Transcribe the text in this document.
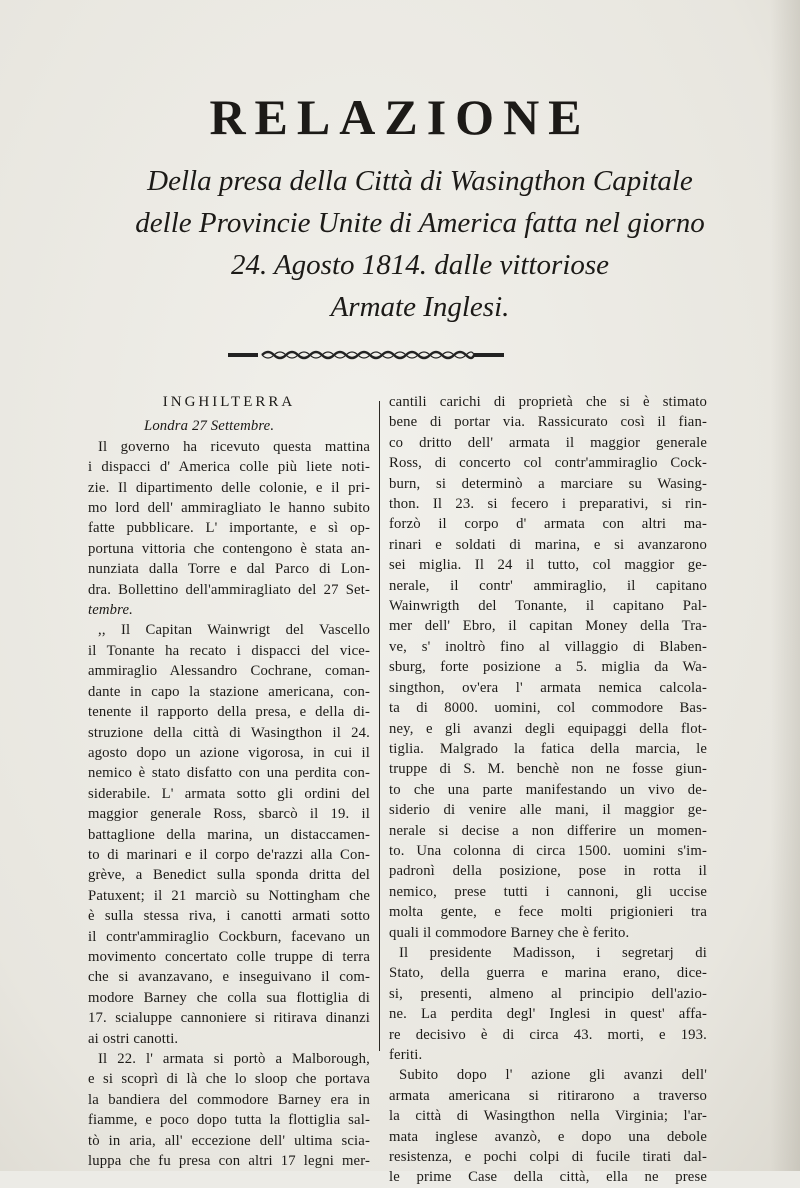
RELAZIONE
Della presa della Città di Wasingthon Capitale
delle Provincie Unite di America fatta nel giorno
24. Agosto 1814. dalle vittoriose
Armate Inglesi.
INGHILTERRA
Londra 27 Settembre.
Il governo ha ricevuto questa mattina
i dispacci d' America colle più liete noti-
zie. Il dipartimento delle colonie, e il pri-
mo lord dell' ammiragliato le hanno subito
fatte pubblicare. L' importante, e sì op-
portuna vittoria che contengono è stata an-
nunziata dalla Torre e dal Parco di Lon-
dra. Bollettino dell'ammiragliato del 27 Set-
tembre.
,, Il Capitan Wainwrigt del Vascello
il Tonante ha recato i dispacci del vice-
ammiraglio Alessandro Cochrane, coman-
dante in capo la stazione americana, con-
tenente il rapporto della presa, e della di-
struzione della città di Wasingthon il 24.
agosto dopo un azione vigorosa, in cui il
nemico è stato disfatto con una perdita con-
siderabile. L' armata sotto gli ordini del
maggior generale Ross, sbarcò il 19. il
battaglione della marina, un distaccamen-
to di marinari e il corpo de'razzi alla Con-
grève, a Benedict sulla sponda dritta del
Patuxent; il 21 marciò su Nottingham che
è sulla stessa riva, i canotti armati sotto
il contr'ammiraglio Cockburn, facevano un
movimento concertato colle truppe di terra
che si avanzavano, e inseguivano il com-
modore Barney che colla sua flottiglia di
17. scialuppe cannoniere si ritirava dinanzi
ai ostri canotti.
Il 22. l' armata si portò a Malborough,
e si scoprì di là che lo sloop che portava
la bandiera del commodore Barney era in
fiamme, e poco dopo tutta la flottiglia sal-
tò in aria, all' eccezione dell' ultima scia-
luppa che fu presa con altri 17 legni mer-
cantili carichi di proprietà che si è stimato
bene di portar via. Rassicurato così il fian-
co dritto dell' armata il maggior generale
Ross, di concerto col contr'ammiraglio Cock-
burn, si determinò a marciare su Wasing-
thon. Il 23. si fecero i preparativi, si rin-
forzò il corpo d' armata con altri ma-
rinari e soldati di marina, e si avanzarono
sei miglia. Il 24 il tutto, col maggior ge-
nerale, il contr' ammiraglio, il capitano
Wainwrigth del Tonante, il capitano Pal-
mer dell' Ebro, il capitan Money della Tra-
ve, s' inoltrò fino al villaggio di Blaben-
sburg, forte posizione a 5. miglia da Wa-
singthon, ov'era l' armata nemica calcola-
ta di 8000. uomini, col commodore Bas-
ney, e gli avanzi degli equipaggi della flot-
tiglia. Malgrado la fatica della marcia, le
truppe di S. M. benchè non ne fosse giun-
to che una parte manifestando un vivo de-
siderio di venire alle mani, il maggior ge-
nerale si decise a non differire un momen-
to. Una colonna di circa 1500. uomini s'im-
padronì della posizione, pose in rotta il
nemico, prese tutti i cannoni, gli uccise
molta gente, e fece molti prigionieri tra
quali il commodore Barney che è ferito.
Il presidente Madisson, i segretarj di
Stato, della guerra e marina erano, dice-
si, presenti, almeno al principio dell'azio-
ne. La perdita degl' Inglesi in quest' affa-
re decisivo è di circa 43. morti, e 193.
feriti.
Subito dopo l' azione gli avanzi dell'
armata americana si ritirarono a traverso
la città di Wasingthon nella Virginia; l'ar-
mata inglese avanzò, e dopo una debole
resistenza, e pochi colpi di fucile tirati dal-
le prime Case della città, ella ne prese
